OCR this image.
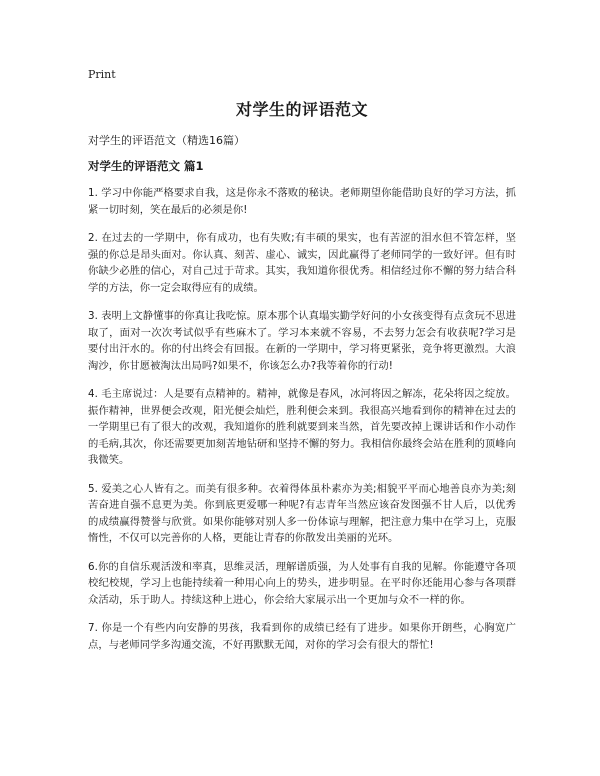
Print
对学生的评语范文
对学生的评语范文（精选16篇）
对学生的评语范文 篇1

1. 学习中你能严格要求自我，这是你永不落败的秘诀。老师期望你能借助良好的学习方法，抓紧一切时刻，笑在最后的必须是你!

2. 在过去的一学期中，你有成功，也有失败;有丰硕的果实，也有苦涩的泪水但不管怎样，坚强的你总是昂头面对。你认真、刻苦、虚心、诚实，因此赢得了老师同学的一致好评。但有时你缺少必胜的信心，对自己过于苛求。其实，我知道你很优秀。相信经过你不懈的努力结合科学的方法，你一定会取得应有的成绩。

3. 表明上文静懂事的你真让我吃惊。原本那个认真塌实勤学好问的小女孩变得有点贪玩不思进取了，面对一次次考试似乎有些麻木了。学习本来就不容易，不去努力怎会有收获呢?学习是要付出汗水的。你的付出终会有回报。在新的一学期中，学习将更紧张，竞争将更激烈。大浪淘沙，你甘愿被淘汰出局吗?如果不，你该怎么办?我等着你的行动!

4. 毛主席说过：人是要有点精神的。精神，就像是春风，冰河将因之解冻，花朵将因之绽放。振作精神，世界便会改观，阳光便会灿烂，胜利便会来到。我很高兴地看到你的精神在过去的一学期里已有了很大的改观，我知道你的胜利就要到来当然，首先要改掉上课讲话和作小动作的毛病,其次，你还需要更加刻苦地钻研和坚持不懈的努力。我相信你最终会站在胜利的顶峰向我微笑。

5. 爱美之心人皆有之。而美有很多种。衣着得体虽朴素亦为美;相貌平平而心地善良亦为美;刻苦奋进自强不息更为美。你到底更爱哪一种呢?有志青年当然应该奋发图强不甘人后，以优秀的成绩赢得赞誉与欣赏。如果你能够对别人多一份体谅与理解，把注意力集中在学习上，克服惰性，不仅可以完善你的人格，更能让青春的你散发出美丽的光环。

6.你的自信乐观活泼和率真，思维灵活，理解谱质强，为人处事有自我的见解。你能遵守各项校纪校规，学习上也能持续着一种用心向上的势头，进步明显。在平时你还能用心参与各项群众活动，乐于助人。持续这种上进心，你会给大家展示出一个更加与众不一样的你。

7. 你是一个有些内向安静的男孩，我看到你的成绩已经有了进步。如果你开朗些，心胸宽广点，与老师同学多沟通交流，不好再默默无闻，对你的学习会有很大的帮忙!
